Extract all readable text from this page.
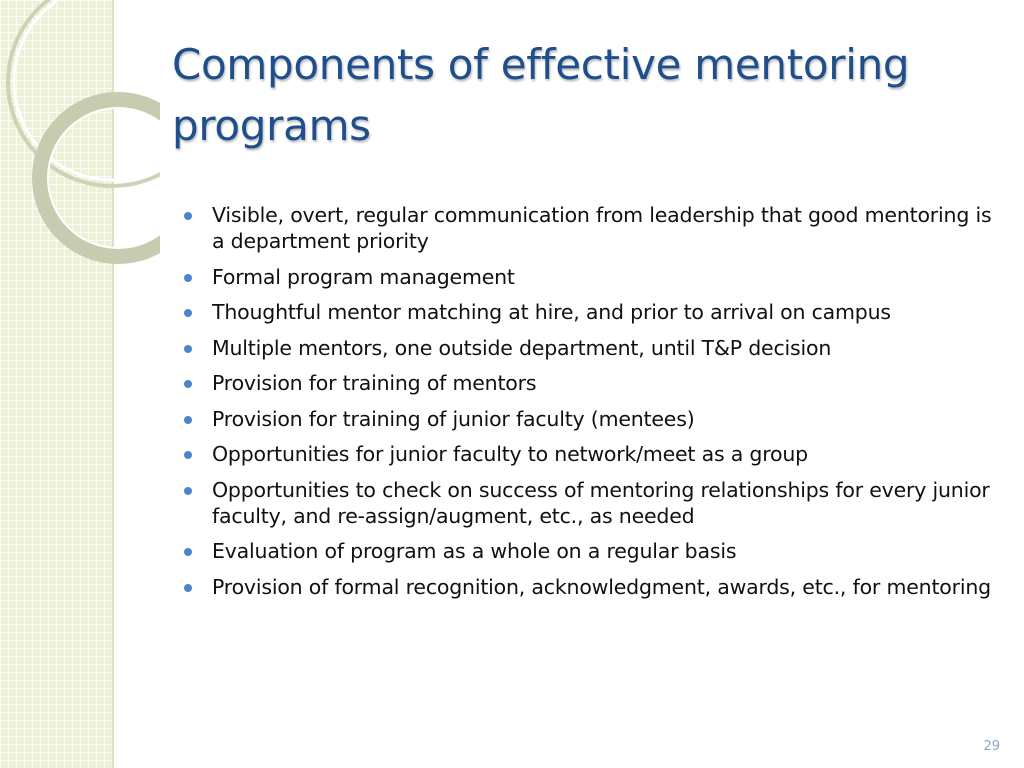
Components of effective mentoring programs
Visible, overt, regular communication from leadership that good mentoring is a department priority
Formal program management
Thoughtful mentor matching at hire, and prior to arrival on campus
Multiple mentors, one outside department, until T&P decision
Provision for training of mentors
Provision for training of junior faculty (mentees)
Opportunities for junior faculty to network/meet as a group
Opportunities to check on success of mentoring relationships for every junior faculty, and re-assign/augment, etc., as needed
Evaluation of program as a whole on a regular basis
Provision of formal recognition, acknowledgment, awards, etc., for mentoring
29
